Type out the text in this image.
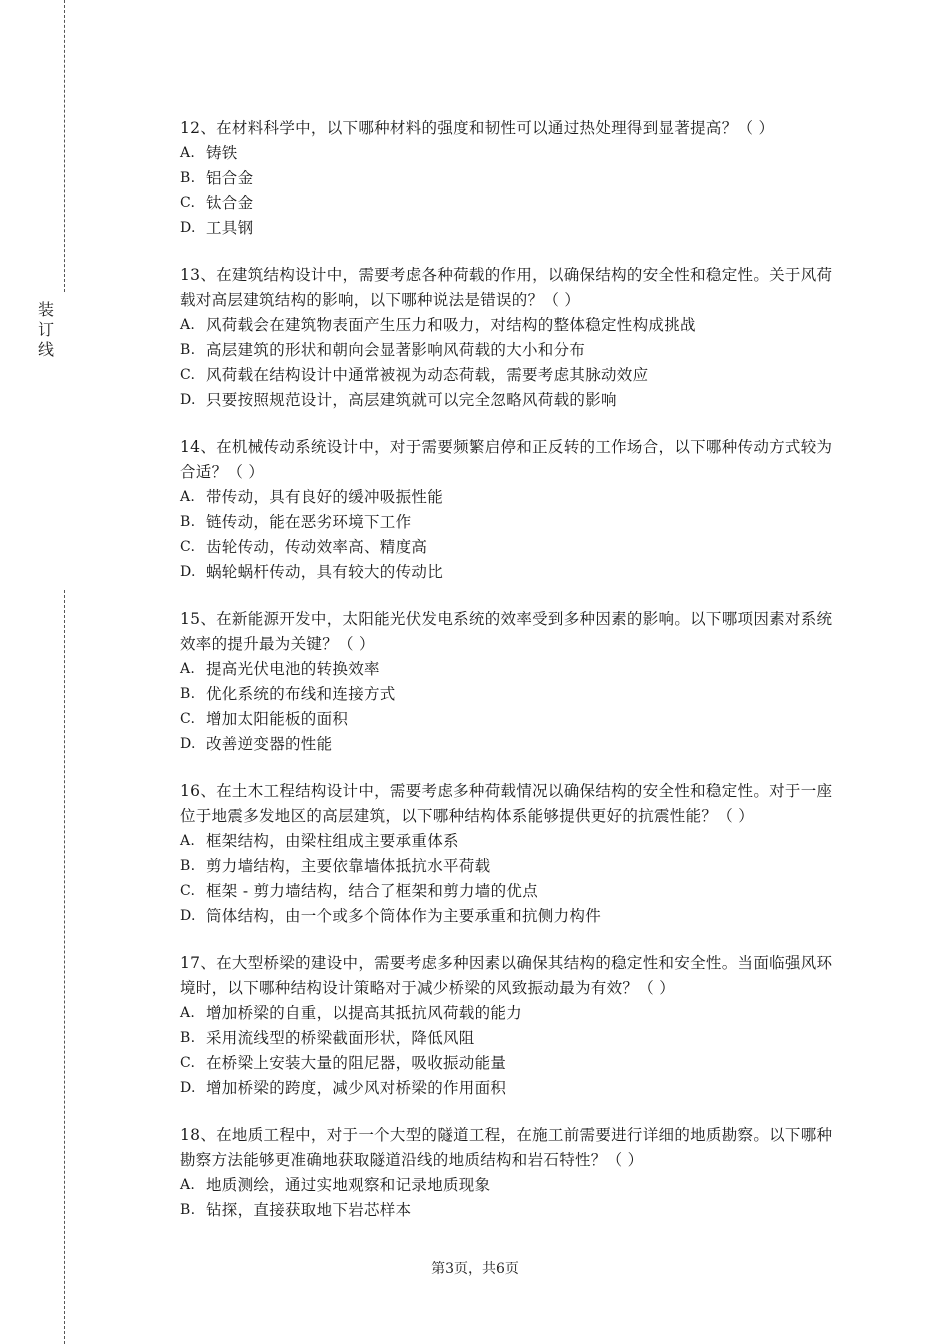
装
订
线

12、在材料科学中，以下哪种材料的强度和韧性可以通过热处理得到显著提高？（ ）

A. 铸铁
B. 铝合金
C. 钛合金
D. 工具钢

13、在建筑结构设计中，需要考虑各种荷载的作用，以确保结构的安全性和稳定性。关于风荷载对高层建筑结构的影响，以下哪种说法是错误的？（ ）

A. 风荷载会在建筑物表面产生压力和吸力，对结构的整体稳定性构成挑战
B. 高层建筑的形状和朝向会显著影响风荷载的大小和分布
C. 风荷载在结构设计中通常被视为动态荷载，需要考虑其脉动效应
D. 只要按照规范设计，高层建筑就可以完全忽略风荷载的影响

14、在机械传动系统设计中，对于需要频繁启停和正反转的工作场合，以下哪种传动方式较为合适？（ ）

A. 带传动，具有良好的缓冲吸振性能
B. 链传动，能在恶劣环境下工作
C. 齿轮传动，传动效率高、精度高
D. 蜗轮蜗杆传动，具有较大的传动比

15、在新能源开发中，太阳能光伏发电系统的效率受到多种因素的影响。以下哪项因素对系统效率的提升最为关键？（ ）

A. 提高光伏电池的转换效率
B. 优化系统的布线和连接方式
C. 增加太阳能板的面积
D. 改善逆变器的性能

16、在土木工程结构设计中，需要考虑多种荷载情况以确保结构的安全性和稳定性。对于一座位于地震多发地区的高层建筑，以下哪种结构体系能够提供更好的抗震性能？（ ）

A. 框架结构，由梁柱组成主要承重体系
B. 剪力墙结构，主要依靠墙体抵抗水平荷载
C. 框架 - 剪力墙结构，结合了框架和剪力墙的优点
D. 筒体结构，由一个或多个筒体作为主要承重和抗侧力构件

17、在大型桥梁的建设中，需要考虑多种因素以确保其结构的稳定性和安全性。当面临强风环境时，以下哪种结构设计策略对于减少桥梁的风致振动最为有效？（ ）

A. 增加桥梁的自重，以提高其抵抗风荷载的能力
B. 采用流线型的桥梁截面形状，降低风阻
C. 在桥梁上安装大量的阻尼器，吸收振动能量
D. 增加桥梁的跨度，减少风对桥梁的作用面积

18、在地质工程中，对于一个大型的隧道工程，在施工前需要进行详细的地质勘察。以下哪种勘察方法能够更准确地获取隧道沿线的地质结构和岩石特性？（ ）

A. 地质测绘，通过实地观察和记录地质现象
B. 钻探，直接获取地下岩芯样本
第3页，共6页
